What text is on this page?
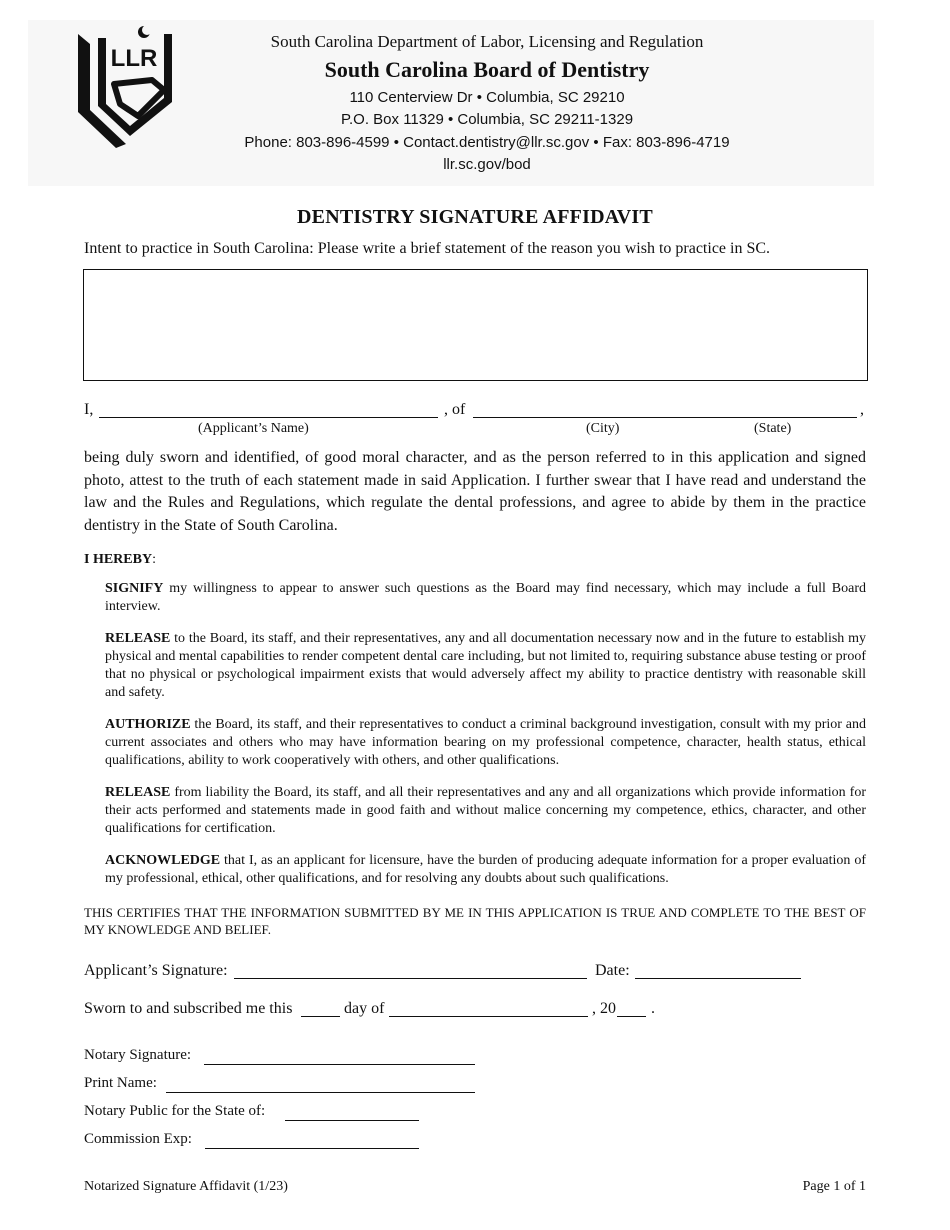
LLR
South Carolina Department of Labor, Licensing and Regulation
South Carolina Board of Dentistry
110 Centerview Dr • Columbia, SC 29210
P.O. Box 11329 • Columbia, SC 29211-1329
Phone: 803-896-4599 • Contact.dentistry@llr.sc.gov • Fax: 803-896-4719
llr.sc.gov/bod
DENTISTRY SIGNATURE AFFIDAVIT
Intent to practice in South Carolina: Please write a brief statement of the reason you wish to practice in SC.
I,	, of	,
(Applicant’s Name)	(City)	(State)
being duly sworn and identified, of good moral character, and as the person referred to in this application and signed photo, attest to the truth of each statement made in said Application. I further swear that I have read and understand the law and the Rules and Regulations, which regulate the dental professions, and agree to abide by them in the practice dentistry in the State of South Carolina.
I HEREBY:
SIGNIFY my willingness to appear to answer such questions as the Board may find necessary, which may include a full Board interview.
RELEASE to the Board, its staff, and their representatives, any and all documentation necessary now and in the future to establish my physical and mental capabilities to render competent dental care including, but not limited to, requiring substance abuse testing or proof that no physical or psychological impairment exists that would adversely affect my ability to practice dentistry with reasonable skill and safety.
AUTHORIZE the Board, its staff, and their representatives to conduct a criminal background investigation, consult with my prior and current associates and others who may have information bearing on my professional competence, character, health status, ethical qualifications, ability to work cooperatively with others, and other qualifications.
RELEASE from liability the Board, its staff, and all their representatives and any and all organizations which provide information for their acts performed and statements made in good faith and without malice concerning my competence, ethics, character, and other qualifications for certification.
ACKNOWLEDGE that I, as an applicant for licensure, have the burden of producing adequate information for a proper evaluation of my professional, ethical, other qualifications, and for resolving any doubts about such qualifications.
THIS CERTIFIES THAT THE INFORMATION SUBMITTED BY ME IN THIS APPLICATION IS TRUE AND COMPLETE TO THE BEST OF MY KNOWLEDGE AND BELIEF.
Applicant’s Signature:	Date:
Sworn to and subscribed me this	day of	, 20 .
Notary Signature:
Print Name:
Notary Public for the State of:
Commission Exp:
Notarized Signature Affidavit (1/23)	Page 1 of 1
